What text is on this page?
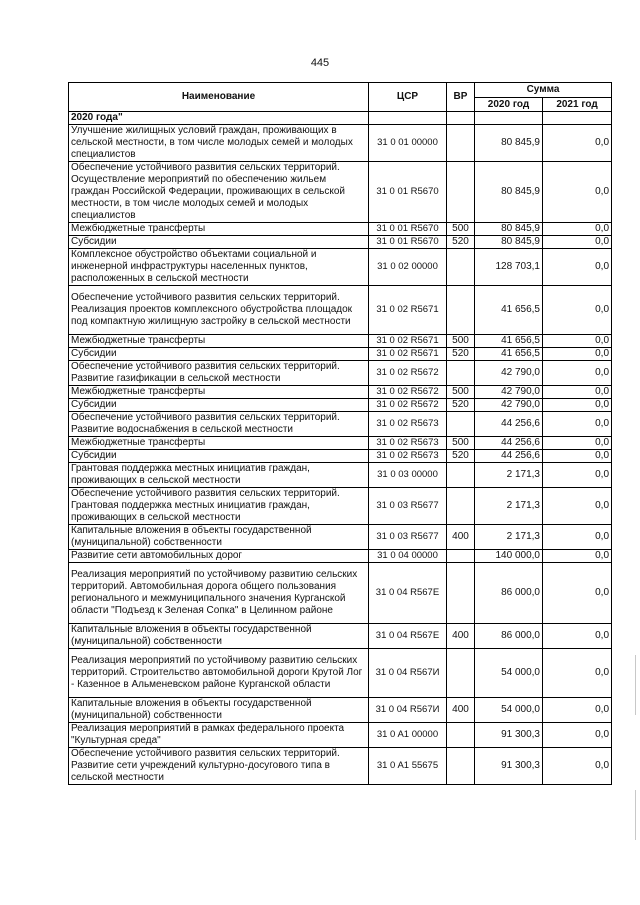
445
Наименование	ЦСР	ВР	Сумма	
			2020 год	2021 год
2020 года"				
Улучшение жилищных условий граждан, проживающих в сельской местности, в том числе молодых семей и молодых специалистов	31 0 01 00000		80 845,9	0,0
Обеспечение устойчивого развития сельских территорий. Осуществление мероприятий по обеспечению жильем граждан Российской Федерации, проживающих в сельской местности, в том числе молодых семей и молодых специалистов	31 0 01 R5670		80 845,9	0,0
Межбюджетные трансферты	31 0 01 R5670	500	80 845,9	0,0
Субсидии	31 0 01 R5670	520	80 845,9	0,0
Комплексное обустройство объектами социальной и инженерной инфраструктуры населенных пунктов, расположенных в сельской местности	31 0 02 00000		128 703,1	0,0
Обеспечение устойчивого развития сельских территорий. Реализация проектов комплексного обустройства площадок под компактную жилищную застройку в сельской местности	31 0 02 R5671		41 656,5	0,0
Межбюджетные трансферты	31 0 02 R5671	500	41 656,5	0,0
Субсидии	31 0 02 R5671	520	41 656,5	0,0
Обеспечение устойчивого развития сельских территорий. Развитие газификации в сельской местности	31 0 02 R5672		42 790,0	0,0
Межбюджетные трансферты	31 0 02 R5672	500	42 790,0	0,0
Субсидии	31 0 02 R5672	520	42 790,0	0,0
Обеспечение устойчивого развития сельских территорий. Развитие водоснабжения в сельской местности	31 0 02 R5673		44 256,6	0,0
Межбюджетные трансферты	31 0 02 R5673	500	44 256,6	0,0
Субсидии	31 0 02 R5673	520	44 256,6	0,0
Грантовая поддержка местных инициатив граждан, проживающих в сельской местности	31 0 03 00000		2 171,3	0,0
Обеспечение устойчивого развития сельских территорий. Грантовая поддержка местных инициатив граждан, проживающих в сельской местности	31 0 03 R5677		2 171,3	0,0
Капитальные вложения в объекты государственной (муниципальной) собственности	31 0 03 R5677	400	2 171,3	0,0
Развитие сети автомобильных дорог	31 0 04 00000		140 000,0	0,0
Реализация мероприятий по устойчивому развитию сельских территорий. Автомобильная дорога общего пользования регионального и межмуниципального значения Курганской области "Подъезд к Зеленая Сопка" в Целинном районе	31 0 04 R567Е		86 000,0	0,0
Капитальные вложения в объекты государственной (муниципальной) собственности	31 0 04 R567Е	400	86 000,0	0,0
Реализация мероприятий по устойчивому развитию сельских территорий. Строительство автомобильной дороги Крутой Лог - Казенное в Альменевском районе Курганской области	31 0 04 R567И		54 000,0	0,0
Капитальные вложения в объекты государственной (муниципальной) собственности	31 0 04 R567И	400	54 000,0	0,0
Реализация мероприятий в рамках федерального проекта "Культурная среда"	31 0 A1 00000		91 300,3	0,0
Обеспечение устойчивого развития сельских территорий. Развитие сети учреждений культурно-досугового типа в сельской местности	31 0 A1 55675		91 300,3	0,0
